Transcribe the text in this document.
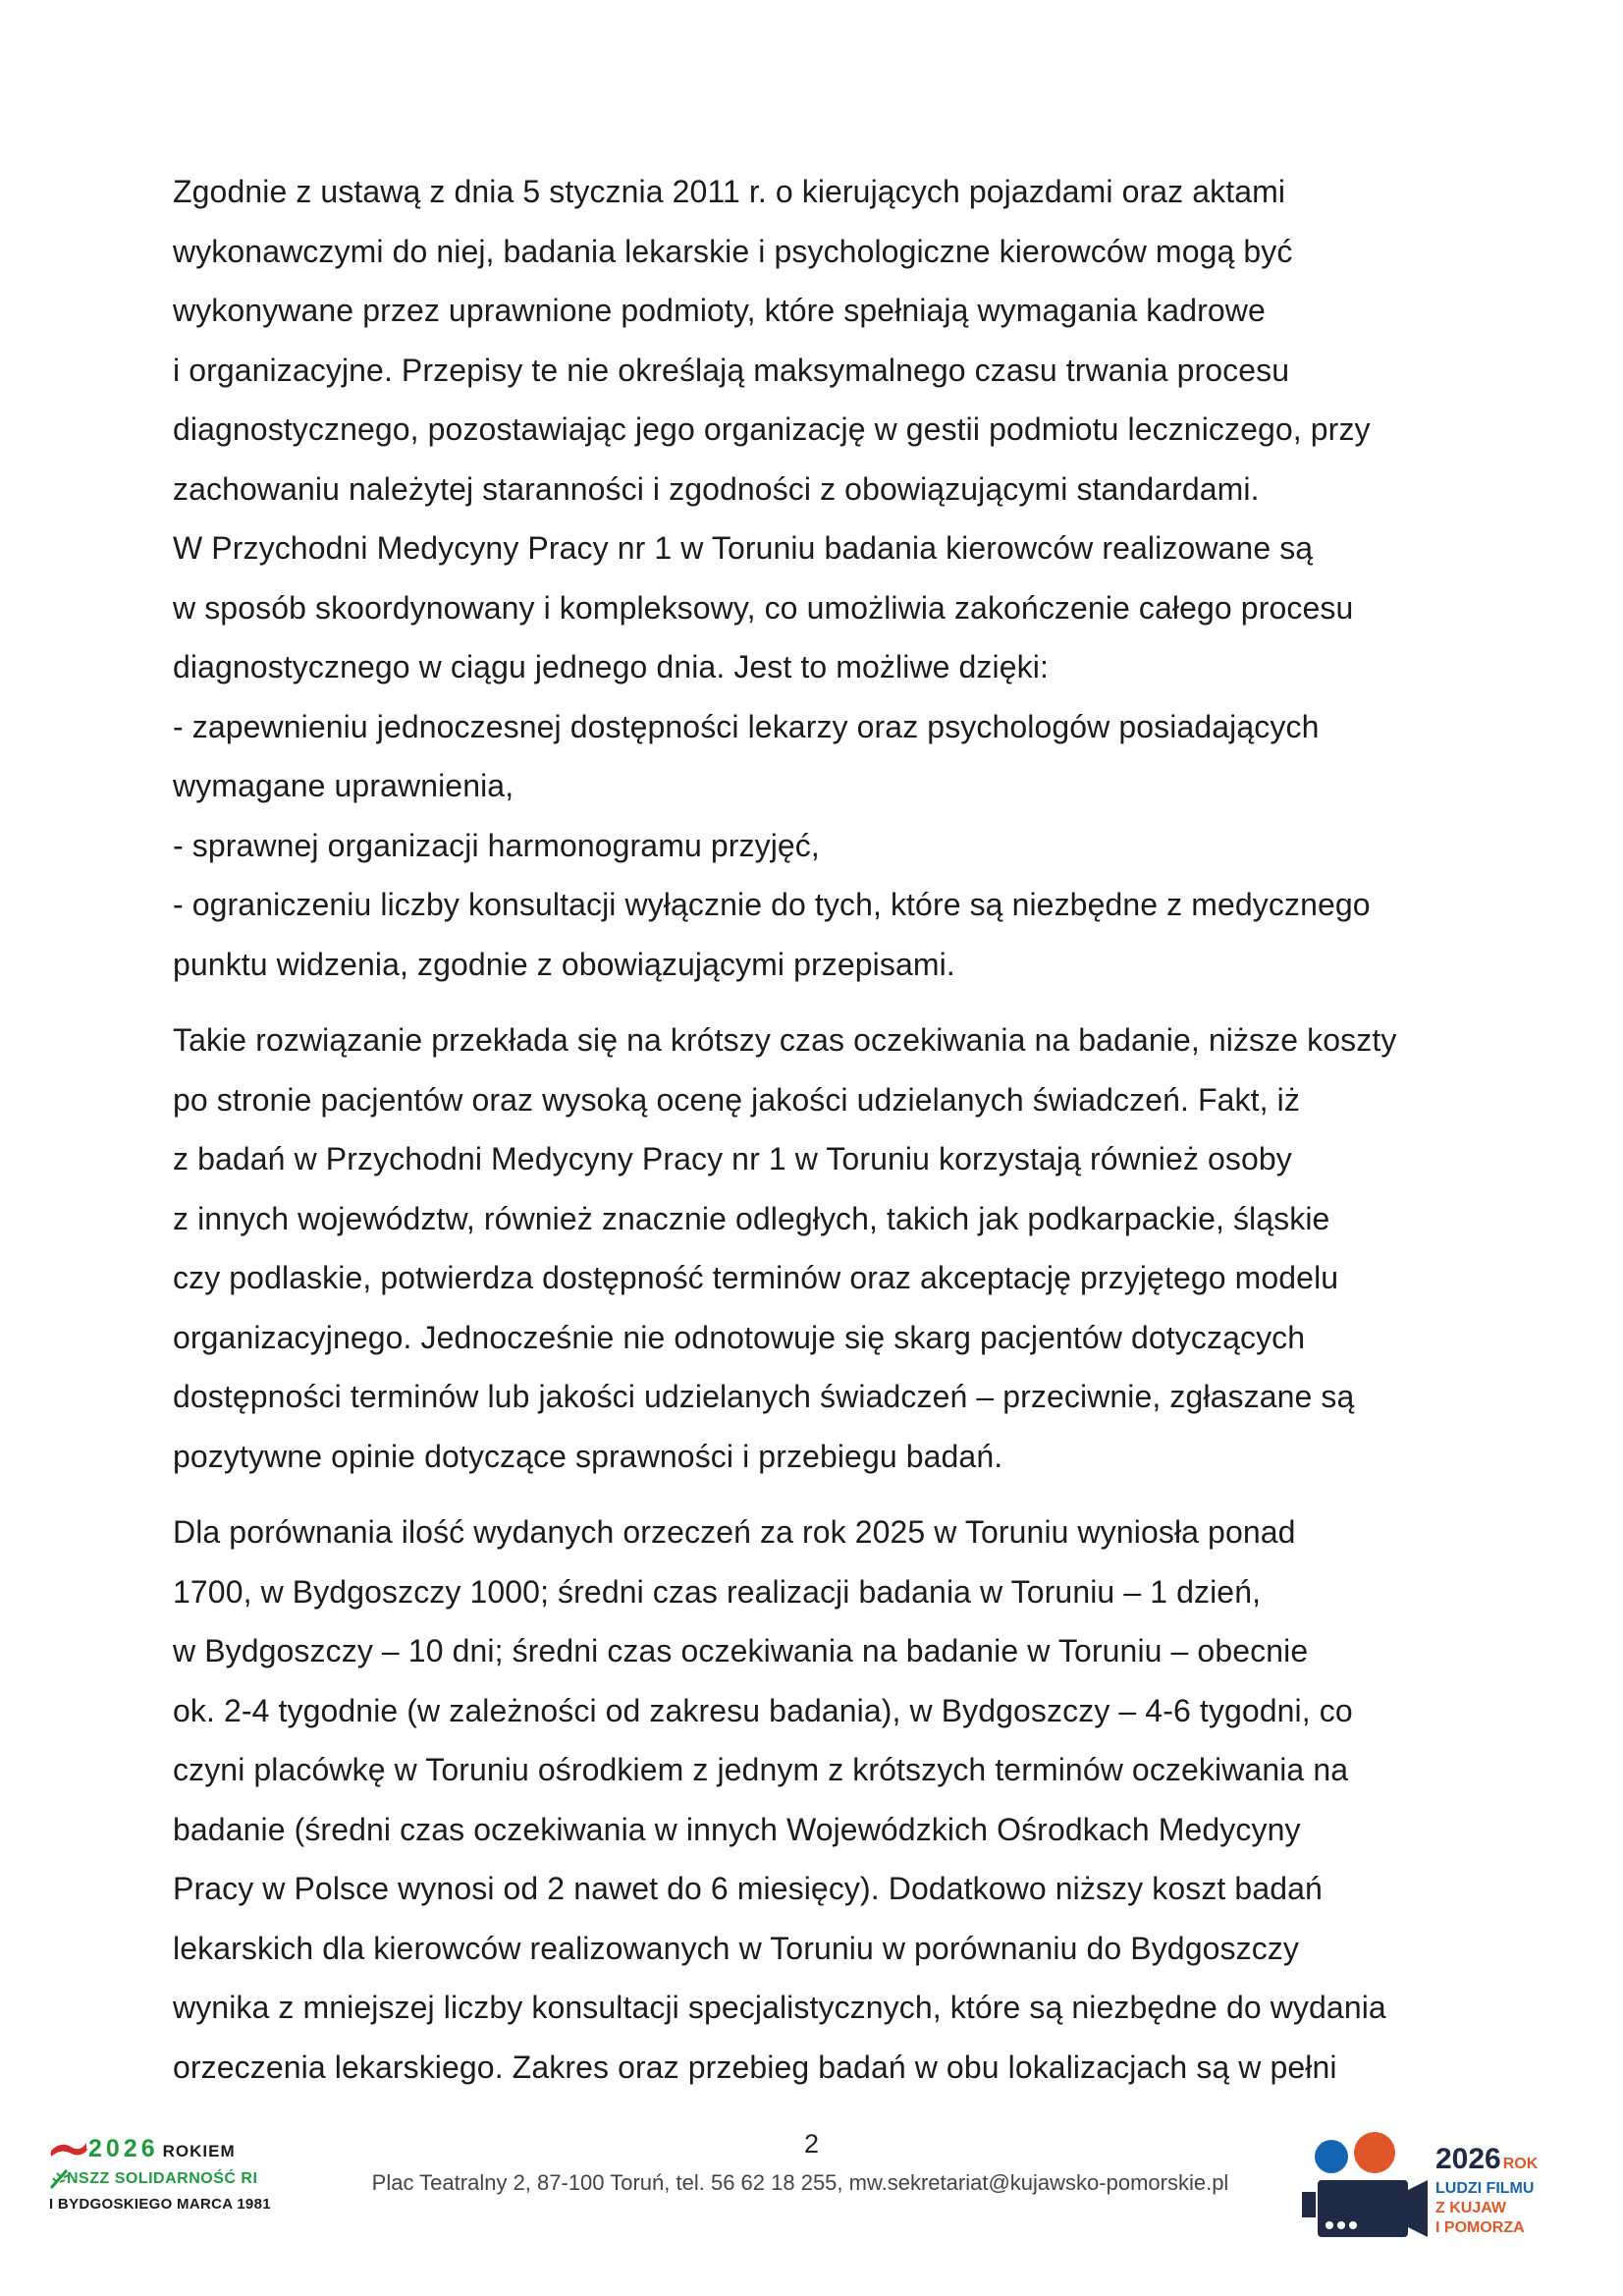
Zgodnie z ustawą z dnia 5 stycznia 2011 r. o kierujących pojazdami oraz aktami
wykonawczymi do niej, badania lekarskie i psychologiczne kierowców mogą być
wykonywane przez uprawnione podmioty, które spełniają wymagania kadrowe
i organizacyjne. Przepisy te nie określają maksymalnego czasu trwania procesu
diagnostycznego, pozostawiając jego organizację w gestii podmiotu leczniczego, przy
zachowaniu należytej staranności i zgodności z obowiązującymi standardami.
W Przychodni Medycyny Pracy nr 1 w Toruniu badania kierowców realizowane są
w sposób skoordynowany i kompleksowy, co umożliwia zakończenie całego procesu
diagnostycznego w ciągu jednego dnia. Jest to możliwe dzięki:
- zapewnieniu jednoczesnej dostępności lekarzy oraz psychologów posiadających
wymagane uprawnienia,
- sprawnej organizacji harmonogramu przyjęć,
- ograniczeniu liczby konsultacji wyłącznie do tych, które są niezbędne z medycznego
punktu widzenia, zgodnie z obowiązującymi przepisami.
Takie rozwiązanie przekłada się na krótszy czas oczekiwania na badanie, niższe koszty
po stronie pacjentów oraz wysoką ocenę jakości udzielanych świadczeń. Fakt, iż
z badań w Przychodni Medycyny Pracy nr 1 w Toruniu korzystają również osoby
z innych województw, również znacznie odległych, takich jak podkarpackie, śląskie
czy podlaskie, potwierdza dostępność terminów oraz akceptację przyjętego modelu
organizacyjnego. Jednocześnie nie odnotowuje się skarg pacjentów dotyczących
dostępności terminów lub jakości udzielanych świadczeń – przeciwnie, zgłaszane są
pozytywne opinie dotyczące sprawności i przebiegu badań.
Dla porównania ilość wydanych orzeczeń za rok 2025 w Toruniu wyniosła ponad
1700, w Bydgoszczy 1000; średni czas realizacji badania w Toruniu – 1 dzień,
w Bydgoszczy – 10 dni; średni czas oczekiwania na badanie w Toruniu – obecnie
ok. 2-4 tygodnie (w zależności od zakresu badania), w Bydgoszczy – 4-6 tygodni, co
czyni placówkę w Toruniu ośrodkiem z jednym z krótszych terminów oczekiwania na
badanie (średni czas oczekiwania w innych Wojewódzkich Ośrodkach Medycyny
Pracy w Polsce wynosi od 2 nawet do 6 miesięcy). Dodatkowo niższy koszt badań
lekarskich dla kierowców realizowanych w Toruniu w porównaniu do Bydgoszczy
wynika z mniejszej liczby konsultacji specjalistycznych, które są niezbędne do wydania
orzeczenia lekarskiego. Zakres oraz przebieg badań w obu lokalizacjach są w pełni
2026 ROKIEM
NSZZ SOLIDARNOŚĆ RI
I BYDGOSKIEGO MARCA 1981
2
Plac Teatralny 2, 87-100 Toruń, tel. 56 62 18 255, mw.sekretariat@kujawsko-pomorskie.pl
2026 ROK
LUDZI FILMU
Z KUJAW
I POMORZA
